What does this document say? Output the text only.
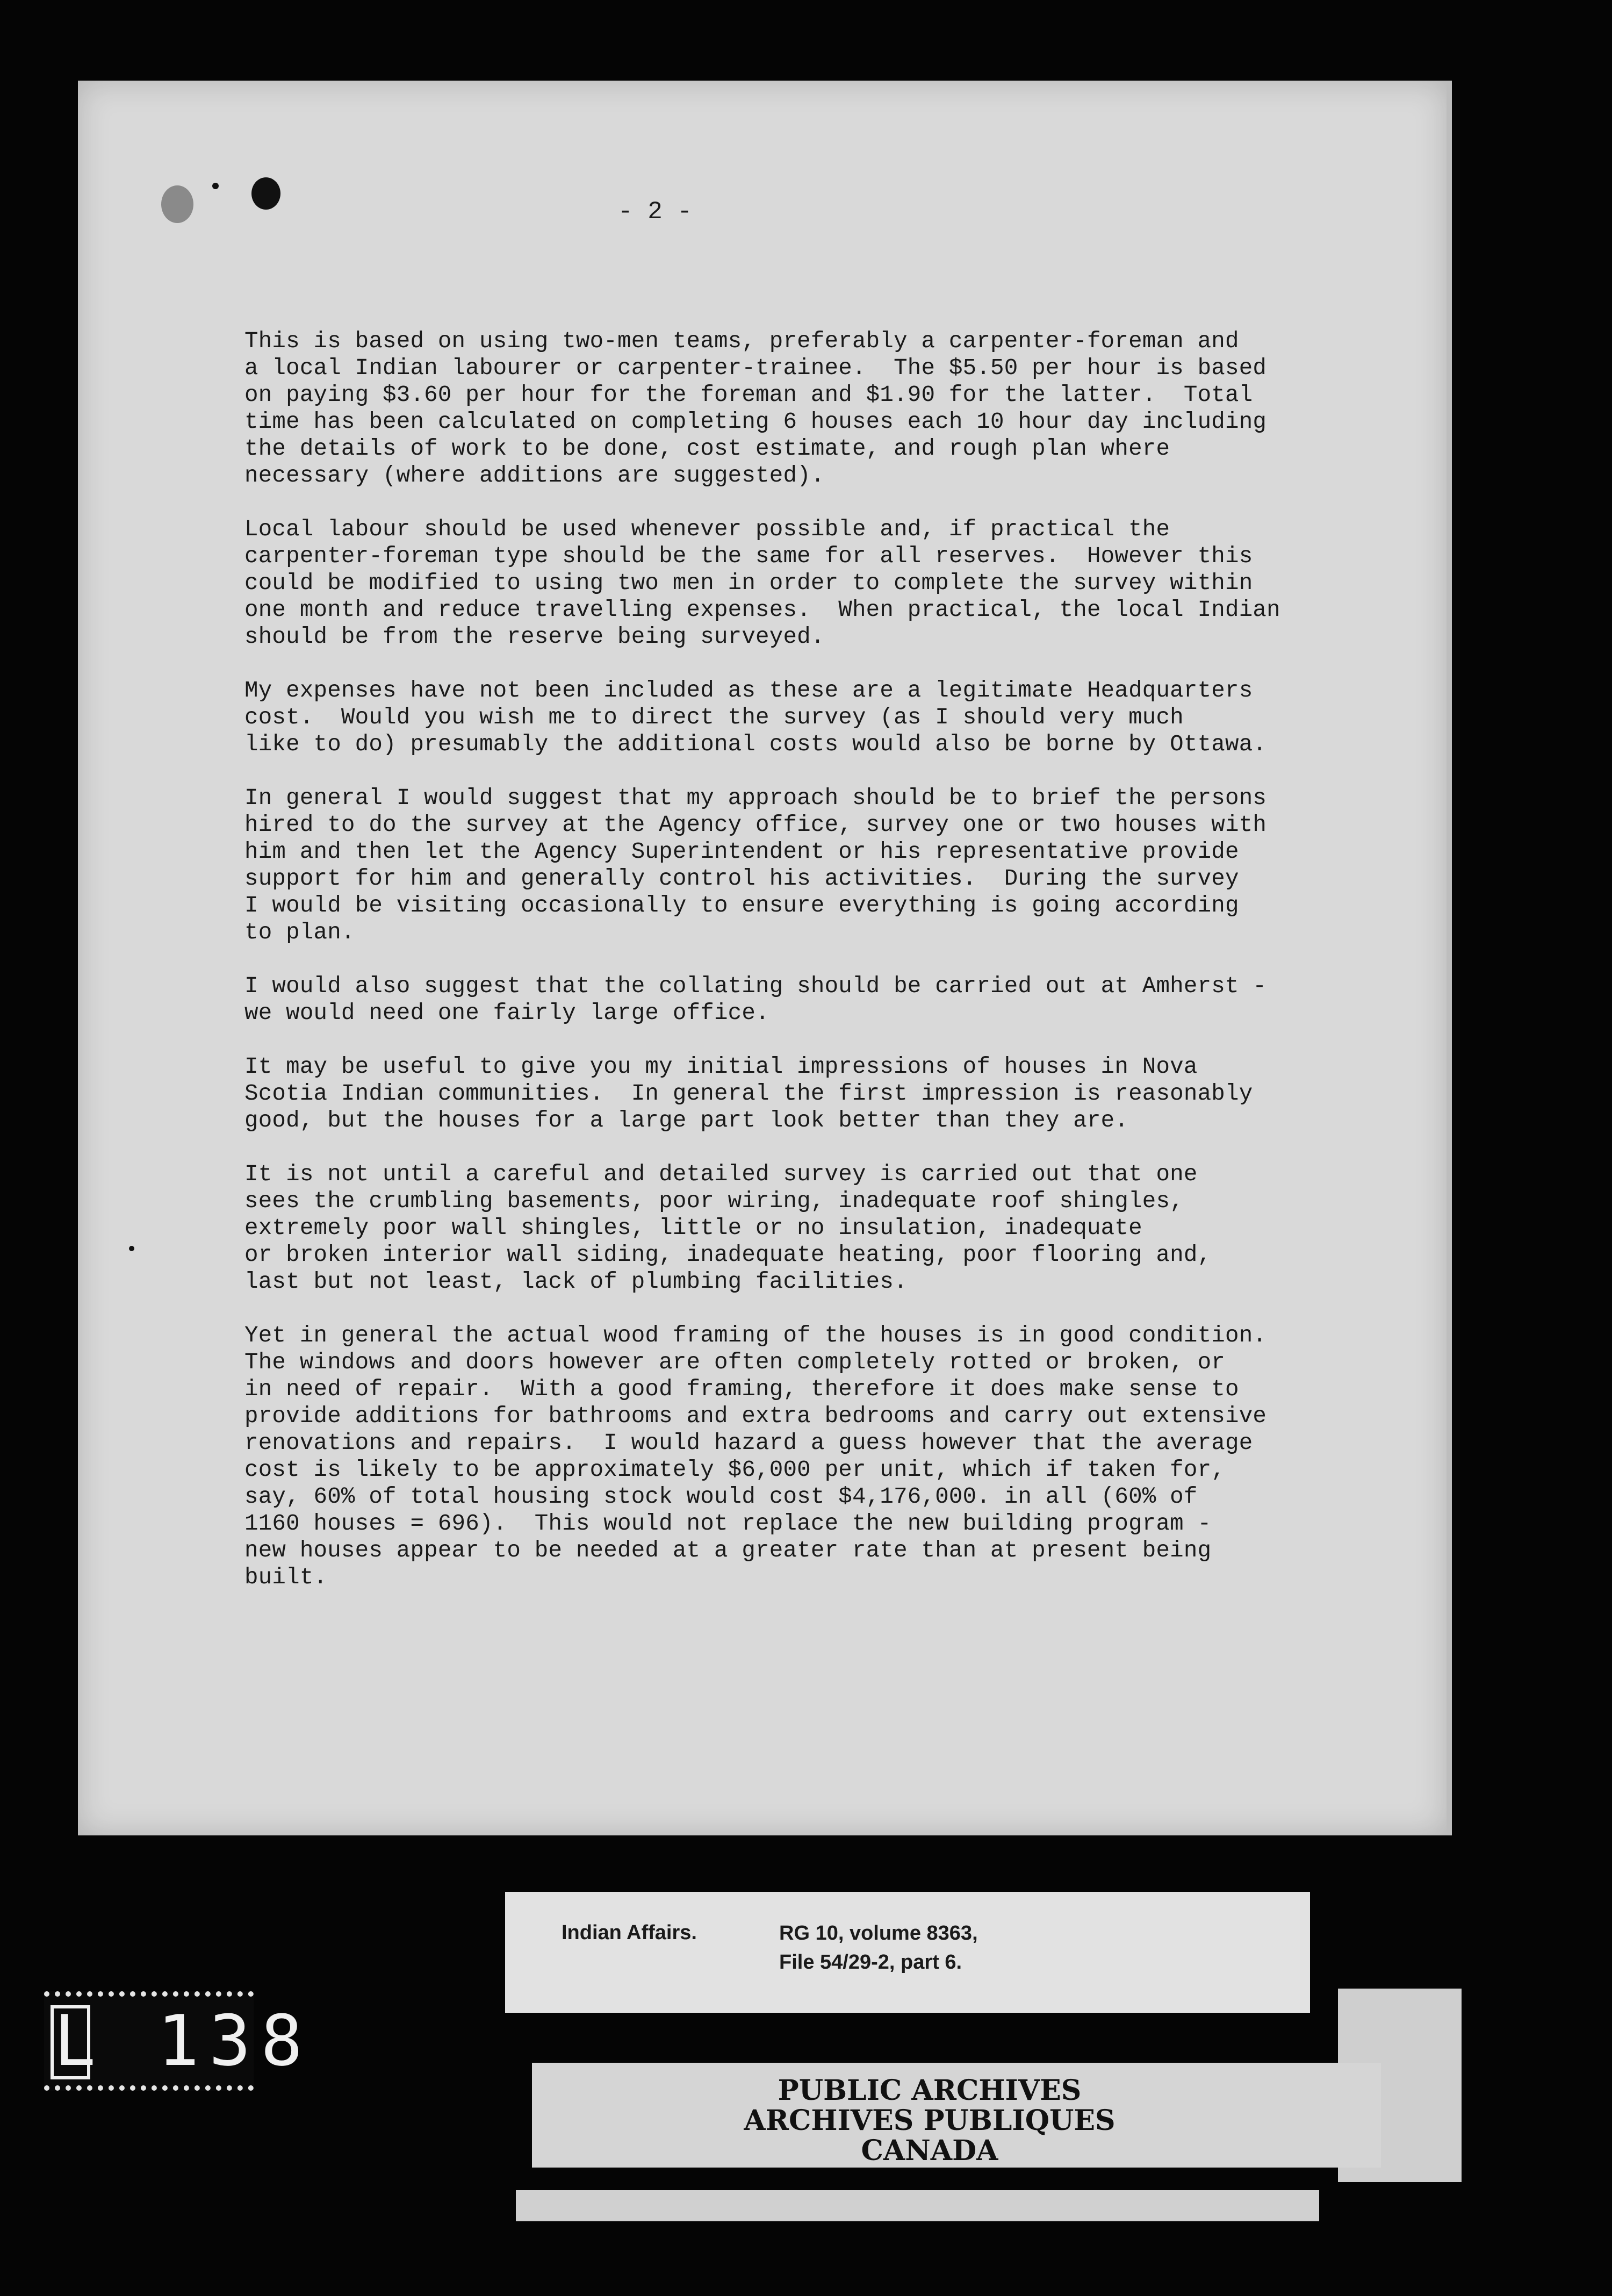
- 2 -
This is based on using two-men teams, preferably a carpenter-foreman and
a local Indian labourer or carpenter-trainee.  The $5.50 per hour is based
on paying $3.60 per hour for the foreman and $1.90 for the latter.  Total
time has been calculated on completing 6 houses each 10 hour day including
the details of work to be done, cost estimate, and rough plan where
necessary (where additions are suggested).
Local labour should be used whenever possible and, if practical the
carpenter-foreman type should be the same for all reserves.  However this
could be modified to using two men in order to complete the survey within
one month and reduce travelling expenses.  When practical, the local Indian
should be from the reserve being surveyed.
My expenses have not been included as these are a legitimate Headquarters
cost.  Would you wish me to direct the survey (as I should very much
like to do) presumably the additional costs would also be borne by Ottawa.
In general I would suggest that my approach should be to brief the persons
hired to do the survey at the Agency office, survey one or two houses with
him and then let the Agency Superintendent or his representative provide
support for him and generally control his activities.  During the survey
I would be visiting occasionally to ensure everything is going according
to plan.
I would also suggest that the collating should be carried out at Amherst -
we would need one fairly large office.
It may be useful to give you my initial impressions of houses in Nova
Scotia Indian communities.  In general the first impression is reasonably
good, but the houses for a large part look better than they are.
It is not until a careful and detailed survey is carried out that one
sees the crumbling basements, poor wiring, inadequate roof shingles,
extremely poor wall shingles, little or no insulation, inadequate
or broken interior wall siding, inadequate heating, poor flooring and,
last but not least, lack of plumbing facilities.
Yet in general the actual wood framing of the houses is in good condition.
The windows and doors however are often completely rotted or broken, or
in need of repair.  With a good framing, therefore it does make sense to
provide additions for bathrooms and extra bedrooms and carry out extensive
renovations and repairs.  I would hazard a guess however that the average
cost is likely to be approximately $6,000 per unit, which if taken for,
say, 60% of total housing stock would cost $4,176,000. in all (60% of
1160 houses = 696).  This would not replace the new building program -
new houses appear to be needed at a greater rate than at present being
built.
Indian Affairs.	RG 10, volume 8363,
File 54/29-2, part 6.
PUBLIC ARCHIVES
ARCHIVES PUBLIQUES
CANADA
L 138
